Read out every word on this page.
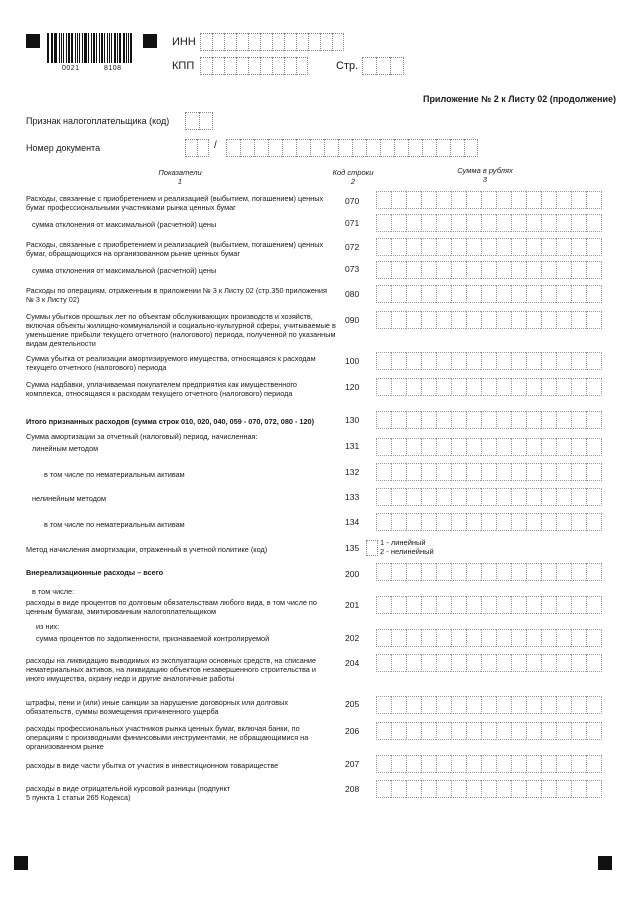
0021	8108
ИНН
КПП	Стр.
Приложение № 2 к Листу 02 (продолжение)
Признак налогоплательщика (код)
Номер документа	/
Показатели
1
Код строки
2
Сумма в рублях
3
Расходы, связанные с приобретением и реализацией (выбытием, погашением) ценных бумаг профессиональными участниками рынка ценных бумаг
070
сумма отклонения от максимальной (расчетной) цены	071
Расходы, связанные с приобретением и реализацией (выбытием, погашением) ценных бумаг, обращающихся на организованном рынке ценных бумаг
072
сумма отклонения от максимальной (расчетной) цены	073
Расходы по операциям, отраженным в приложении № 3 к Листу 02 (стр.350 приложения № 3 к Листу 02)
080
Суммы убытков прошлых лет по объектам обслуживающих производств и хозяйств, включая объекты жилищно-коммунальной и социально-культурной сферы, учитываемые в уменьшение прибыли текущего отчетного (налогового) периода, полученной по указанным видам деятельности
090
Сумма убытка от реализации амортизируемого имущества, относящаяся к расходам текущего отчетного (налогового) периода
100
Сумма надбавки, уплачиваемая покупателем предприятия как имущественного комплекса, относящаяся к расходам текущего отчетного (налогового) периода
120
Итого признанных расходов (сумма строк 010, 020, 040, 059 - 070, 072, 080 - 120)	130
Сумма амортизации за отчетный (налоговый) период, начисленная:
линейным методом	131
в том числе по нематериальным активам	132
нелинейным методом	133
в том числе по нематериальным активам	134
Метод начисления амортизации, отраженный в учетной политике (код)	135
1 - линейный
2 - нелинейный
Внереализационные расходы – всего	200
в том числе:
расходы в виде процентов по долговым обязательствам любого вида, в том числе по ценным бумагам, эмитированным налогоплательщиком
201
из них:
сумма процентов по задолженности, признаваемой контролируемой	202
расходы на ликвидацию выводимых из эксплуатации основных средств, на списание нематериальных активов, на ликвидацию объектов незавершенного строительства и иного имущества, охрану недр и другие аналогичные работы
204
штрафы, пени и (или) иные санкции за нарушение договорных или долговых обязательств, суммы возмещения причиненного ущерба
205
расходы профессиональных участников рынка ценных бумаг, включая банки, по операциям с производными финансовыми инструментами, не обращающимися на организованном рынке
206
расходы в виде части убытка от участия в инвестиционном товариществе	207
расходы в виде отрицательной курсовой разницы (подпункт 5 пункта 1 статьи 265 Кодекса)
208
